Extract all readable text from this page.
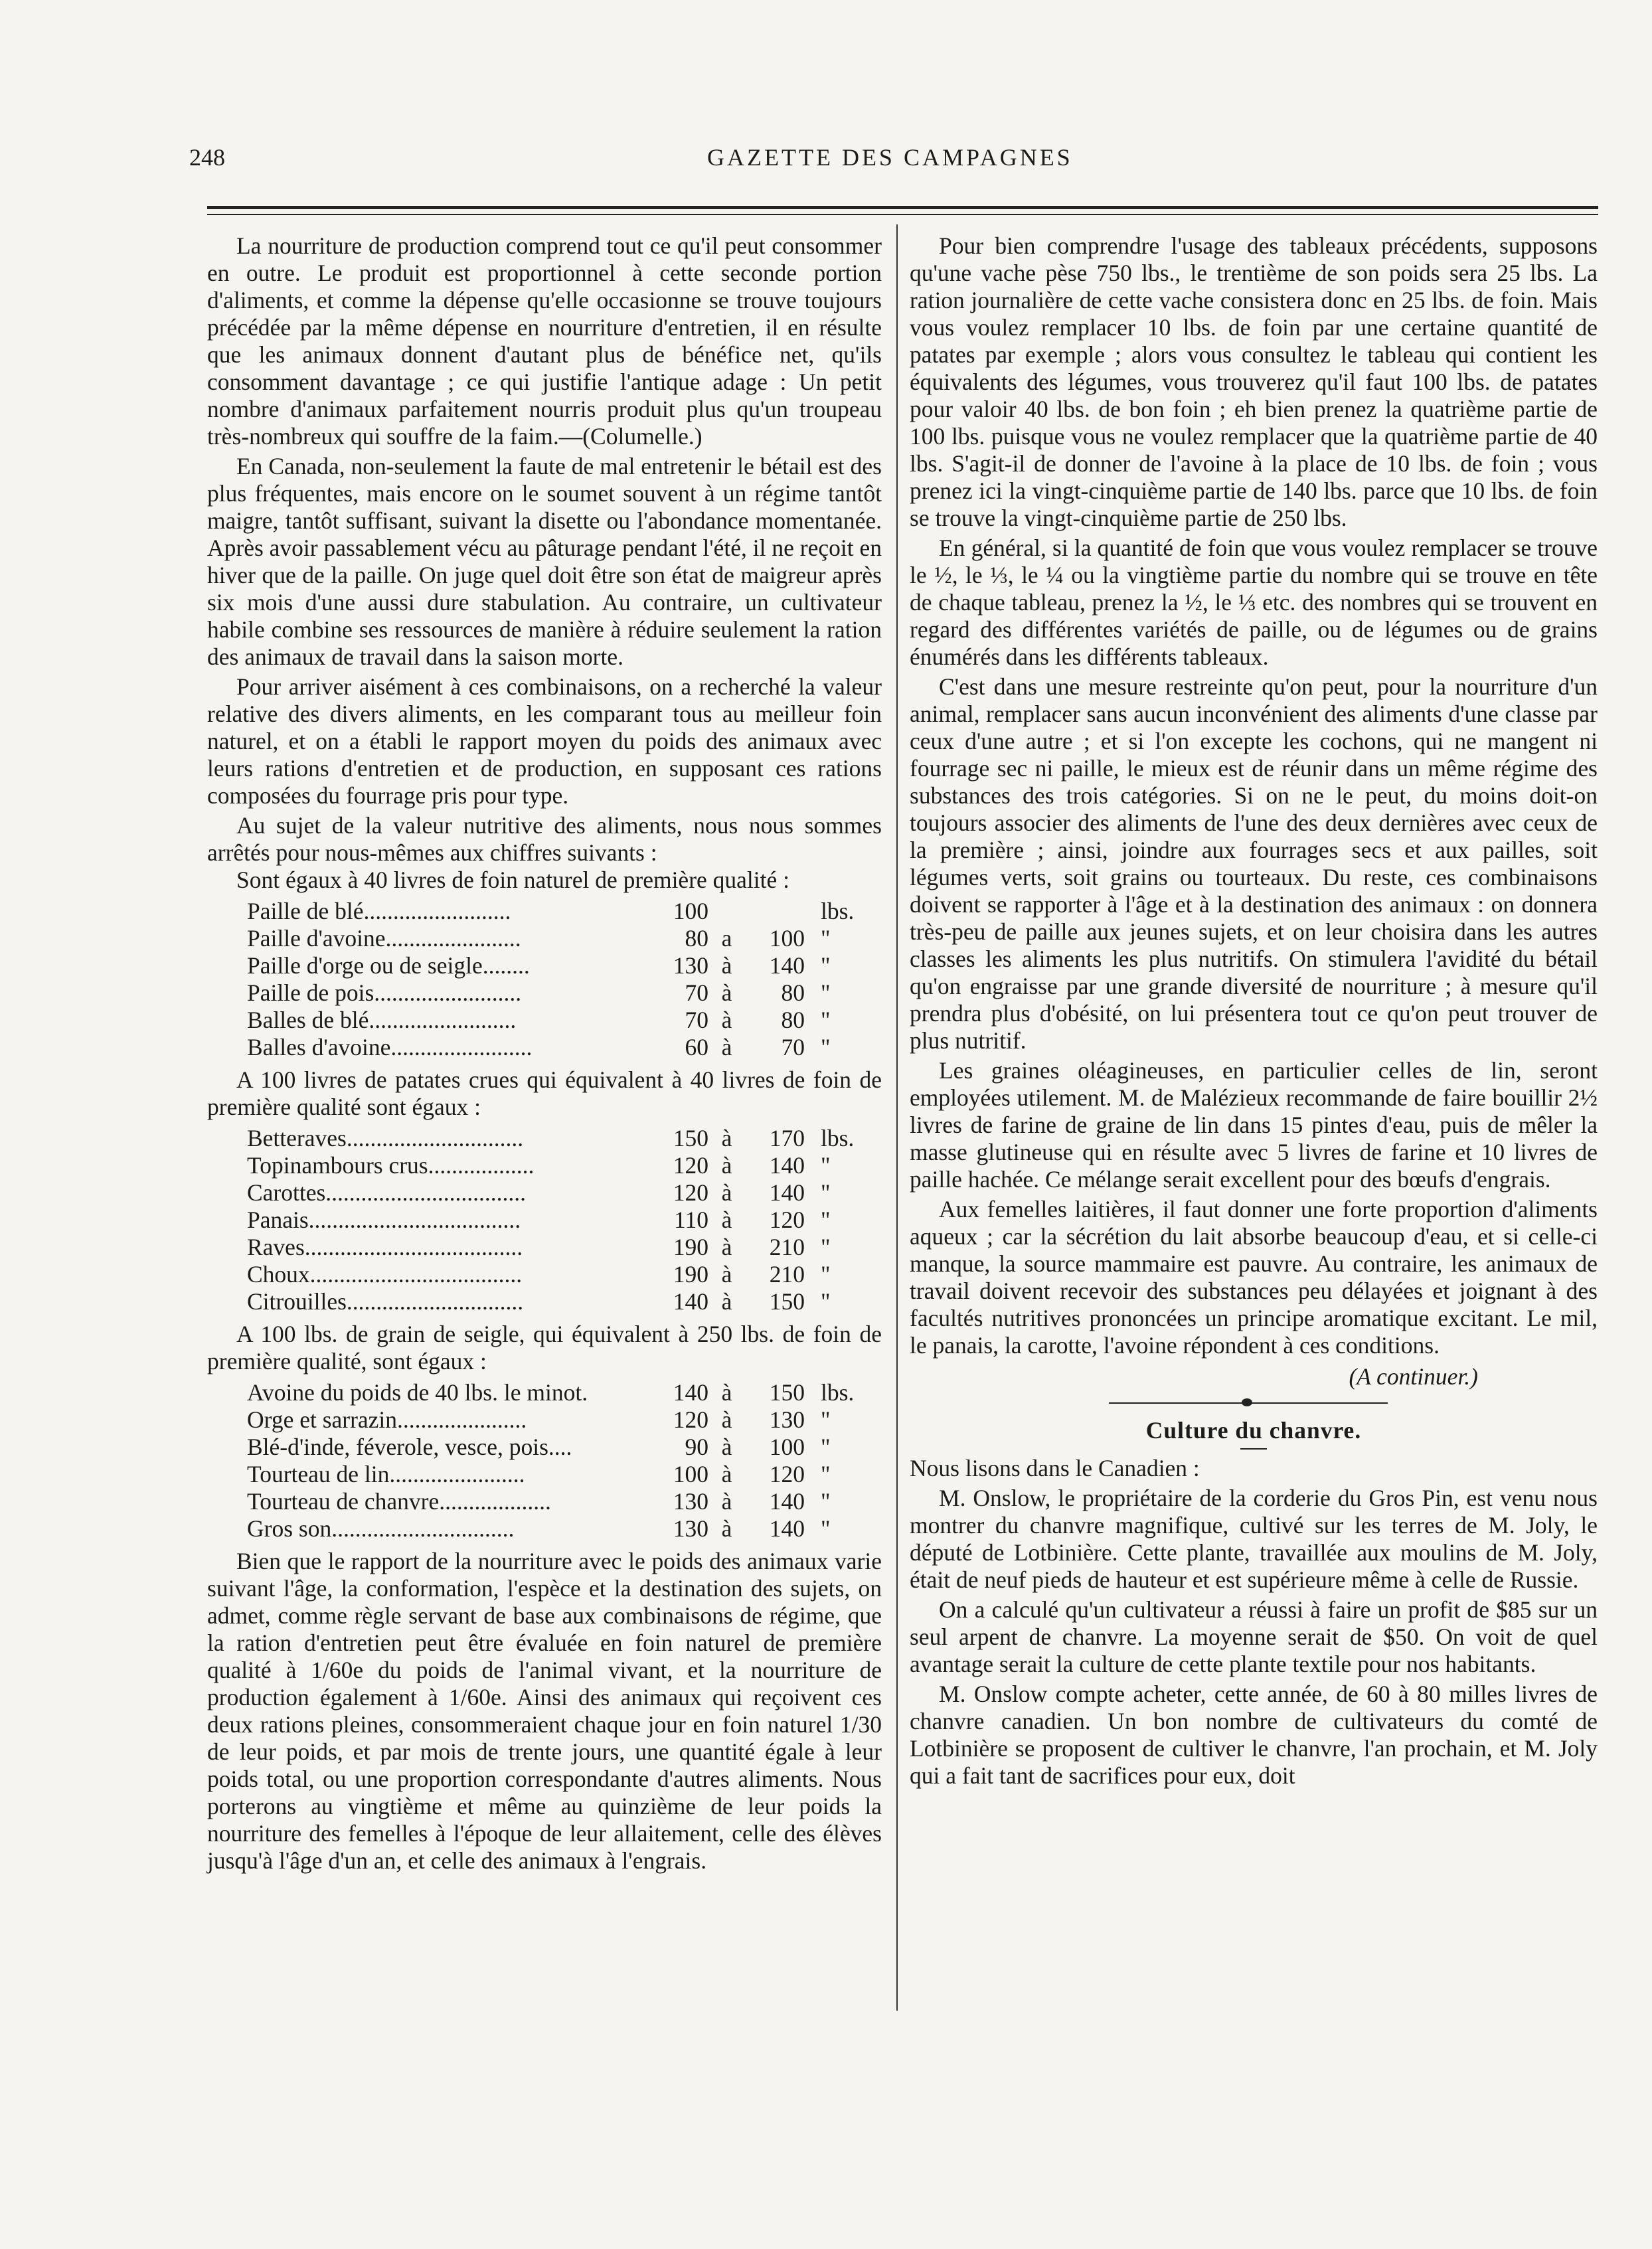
248	GAZETTE DES CAMPAGNES

La nourriture de production comprend tout ce qu'il peut consommer en outre. Le produit est proportionnel à cette seconde portion d'aliments, et comme la dépense qu'elle occasionne se trouve toujours précédée par la même dépense en nourriture d'entretien, il en résulte que les animaux donnent d'autant plus de bénéfice net, qu'ils consomment davantage ; ce qui justifie l'antique adage : Un petit nombre d'animaux parfaitement nourris produit plus qu'un troupeau très-nombreux qui souffre de la faim.—(Columelle.)

En Canada, non-seulement la faute de mal entretenir le bétail est des plus fréquentes, mais encore on le soumet souvent à un régime tantôt maigre, tantôt suffisant, suivant la disette ou l'abondance momentanée. Après avoir passablement vécu au pâturage pendant l'été, il ne reçoit en hiver que de la paille. On juge quel doit être son état de maigreur après six mois d'une aussi dure stabulation. Au contraire, un cultivateur habile combine ses ressources de manière à réduire seulement la ration des animaux de travail dans la saison morte.

Pour arriver aisément à ces combinaisons, on a recherché la valeur relative des divers aliments, en les comparant tous au meilleur foin naturel, et on a établi le rapport moyen du poids des animaux avec leurs rations d'entretien et de production, en supposant ces rations composées du fourrage pris pour type.

Au sujet de la valeur nutritive des aliments, nous nous sommes arrêtés pour nous-mêmes aux chiffres suivants :

Sont égaux à 40 livres de foin naturel de première qualité :

Paille de blé.........................	100	lbs.
Paille d'avoine.......................	80 a	100 "
Paille d'orge ou de seigle........	130 à	140 "
Paille de pois.........................	70 à	80 "
Balles de blé.........................	70 à	80 "
Balles d'avoine........................	60 à	70 "

A 100 livres de patates crues qui équivalent à 40 livres de foin de première qualité sont égaux :

Betteraves..............................	150 à	170 lbs.
Topinambours crus..................	120 à	140 "
Carottes..................................	120 à	140 "
Panais....................................	110 à	120 "
Raves.....................................	190 à	210 "
Choux....................................	190 à	210 "
Citrouilles..............................	140 à	150 "

A 100 lbs. de grain de seigle, qui équivalent à 250 lbs. de foin de première qualité, sont égaux :

Avoine du poids de 40 lbs. le minot.	140 à	150 lbs.
Orge et sarrazin......................	120 à	130 "
Blé-d'inde, féverole, vesce, pois....	90 à	100 "
Tourteau de lin.......................	100 à	120 "
Tourteau de chanvre...................	130 à	140 "
Gros son...............................	130 à	140 "

Bien que le rapport de la nourriture avec le poids des animaux varie suivant l'âge, la conformation, l'espèce et la destination des sujets, on admet, comme règle servant de base aux combinaisons de régime, que la ration d'entretien peut être évaluée en foin naturel de première qualité à 1/60e du poids de l'animal vivant, et la nourriture de production également à 1/60e. Ainsi des animaux qui reçoivent ces deux rations pleines, consommeraient chaque jour en foin naturel 1/30 de leur poids, et par mois de trente jours, une quantité égale à leur poids total, ou une proportion correspondante d'autres aliments. Nous porterons au vingtième et même au quinzième de leur poids la nourriture des femelles à l'époque de leur allaitement, celle des élèves jusqu'à l'âge d'un an, et celle des animaux à l'engrais.

Pour bien comprendre l'usage des tableaux précédents, supposons qu'une vache pèse 750 lbs., le trentième de son poids sera 25 lbs. La ration journalière de cette vache consistera donc en 25 lbs. de foin. Mais vous voulez remplacer 10 lbs. de foin par une certaine quantité de patates par exemple ; alors vous consultez le tableau qui contient les équivalents des légumes, vous trouverez qu'il faut 100 lbs. de patates pour valoir 40 lbs. de bon foin ; eh bien prenez la quatrième partie de 100 lbs. puisque vous ne voulez remplacer que la quatrième partie de 40 lbs. S'agit-il de donner de l'avoine à la place de 10 lbs. de foin ; vous prenez ici la vingt-cinquième partie de 140 lbs. parce que 10 lbs. de foin se trouve la vingt-cinquième partie de 250 lbs.

En général, si la quantité de foin que vous voulez remplacer se trouve le ½, le ⅓, le ¼ ou la vingtième partie du nombre qui se trouve en tête de chaque tableau, prenez la ½, le ⅓ etc. des nombres qui se trouvent en regard des différentes variétés de paille, ou de légumes ou de grains énumérés dans les différents tableaux.

C'est dans une mesure restreinte qu'on peut, pour la nourriture d'un animal, remplacer sans aucun inconvénient des aliments d'une classe par ceux d'une autre ; et si l'on excepte les cochons, qui ne mangent ni fourrage sec ni paille, le mieux est de réunir dans un même régime des substances des trois catégories. Si on ne le peut, du moins doit-on toujours associer des aliments de l'une des deux dernières avec ceux de la première ; ainsi, joindre aux fourrages secs et aux pailles, soit légumes verts, soit grains ou tourteaux. Du reste, ces combinaisons doivent se rapporter à l'âge et à la destination des animaux : on donnera très-peu de paille aux jeunes sujets, et on leur choisira dans les autres classes les aliments les plus nutritifs. On stimulera l'avidité du bétail qu'on engraisse par une grande diversité de nourriture ; à mesure qu'il prendra plus d'obésité, on lui présentera tout ce qu'on peut trouver de plus nutritif.

Les graines oléagineuses, en particulier celles de lin, seront employées utilement. M. de Malézieux recommande de faire bouillir 2½ livres de farine de graine de lin dans 15 pintes d'eau, puis de mêler la masse glutineuse qui en résulte avec 5 livres de farine et 10 livres de paille hachée. Ce mélange serait excellent pour des bœufs d'engrais.

Aux femelles laitières, il faut donner une forte proportion d'aliments aqueux ; car la sécrétion du lait absorbe beaucoup d'eau, et si celle-ci manque, la source mammaire est pauvre. Au contraire, les animaux de travail doivent recevoir des substances peu délayées et joignant à des facultés nutritives prononcées un principe aromatique excitant. Le mil, le panais, la carotte, l'avoine répondent à ces conditions.

(A continuer.)
Culture du chanvre.

Nous lisons dans le Canadien :

M. Onslow, le propriétaire de la corderie du Gros Pin, est venu nous montrer du chanvre magnifique, cultivé sur les terres de M. Joly, le député de Lotbinière. Cette plante, travaillée aux moulins de M. Joly, était de neuf pieds de hauteur et est supérieure même à celle de Russie.

On a calculé qu'un cultivateur a réussi à faire un profit de $85 sur un seul arpent de chanvre. La moyenne serait de $50. On voit de quel avantage serait la culture de cette plante textile pour nos habitants.

M. Onslow compte acheter, cette année, de 60 à 80 milles livres de chanvre canadien. Un bon nombre de cultivateurs du comté de Lotbinière se proposent de cultiver le chanvre, l'an prochain, et M. Joly qui a fait tant de sacrifices pour eux, doit
